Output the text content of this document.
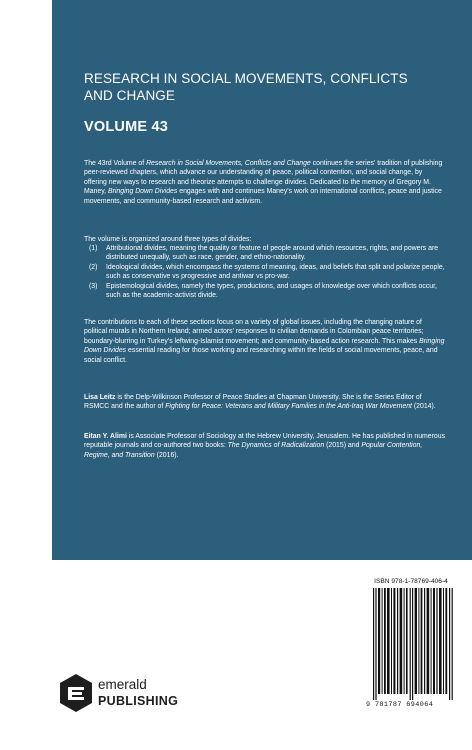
RESEARCH IN SOCIAL MOVEMENTS, CONFLICTS AND CHANGE
VOLUME 43

The 43rd Volume of Research in Social Movements, Conflicts and Change continues the series' tradition of publishing peer-reviewed chapters, which advance our understanding of peace, political contention, and social change, by offering new ways to research and theorize attempts to challenge divides. Dedicated to the memory of Gregory M. Maney, Bringing Down Divides engages with and continues Maney's work on international conflicts, peace and justice movements, and community-based research and activism.

The volume is organized around three types of divides:
(1) Attributional divides, meaning the quality or feature of people around which resources, rights, and powers are distributed unequally, such as race, gender, and ethno-nationality.
(2) Ideological divides, which encompass the systems of meaning, ideas, and beliefs that split and polarize people, such as conservative vs progressive and antiwar vs pro-war.
(3) Epistemological divides, namely the types, productions, and usages of knowledge over which conflicts occur, such as the academic-activist divide.

The contributions to each of these sections focus on a variety of global issues, including the changing nature of political murals in Northern Ireland; armed actors' responses to civilian demands in Colombian peace territories; boundary-blurring in Turkey's leftwing-Islamist movement; and community-based action research. This makes Bringing Down Divides essential reading for those working and researching within the fields of social movements, peace, and social conflict.

Lisa Leitz is the Delp-Wilkinson Professor of Peace Studies at Chapman University. She is the Series Editor of RSMCC and the author of Fighting for Peace: Veterans and Military Families in the Anti-Iraq War Movement (2014).

Eitan Y. Alimi is Associate Professor of Sociology at the Hebrew University, Jerusalem. He has published in numerous reputable journals and co-authored two books: The Dynamics of Radicalization (2015) and Popular Contention, Regime, and Transition (2016).

ISBN 978-1-78769-406-4
9 781787 694064
emerald
PUBLISHING
